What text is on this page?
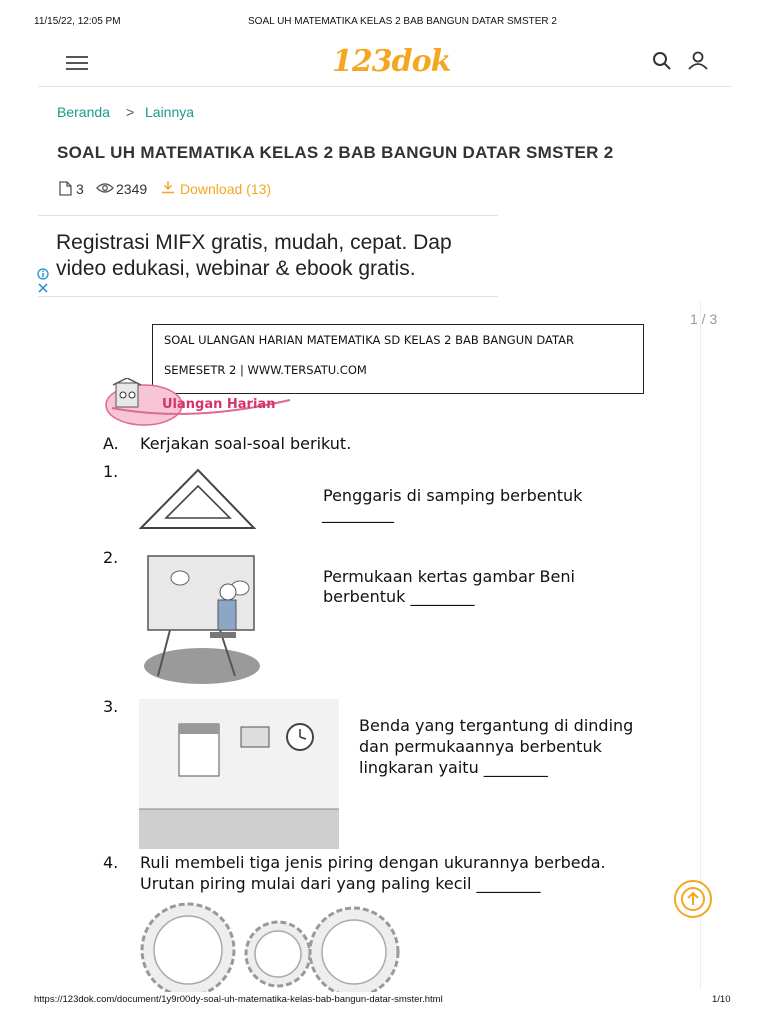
11/15/22, 12:05 PM	SOAL UH MATEMATIKA KELAS 2 BAB BANGUN DATAR SMSTER 2
123dok
Beranda > Lainnya
SOAL UH MATEMATIKA KELAS 2 BAB BANGUN DATAR SMSTER 2
3 2349 Download (13)
Registrasi MIFX gratis, mudah, cepat. Dap
video edukasi, webinar & ebook gratis.
1 / 3
SOAL ULANGAN HARIAN MATEMATIKA SD KELAS 2 BAB BANGUN DATAR
SEMESETR 2 | WWW.TERSATU.COM
Ulangan Harian
A. Kerjakan soal-soal berikut.
1.
Penggaris di samping berbentuk
_________
2.
Permukaan kertas gambar Beni
berbentuk ________
3.
Benda yang tergantung di dinding
dan permukaannya berbentuk
lingkaran yaitu ________
4. Ruli membeli tiga jenis piring dengan ukurannya berbeda.
Urutan piring mulai dari yang paling kecil ________
https://123dok.com/document/1y9r00dy-soal-uh-matematika-kelas-bab-bangun-datar-smster.html	1/10
